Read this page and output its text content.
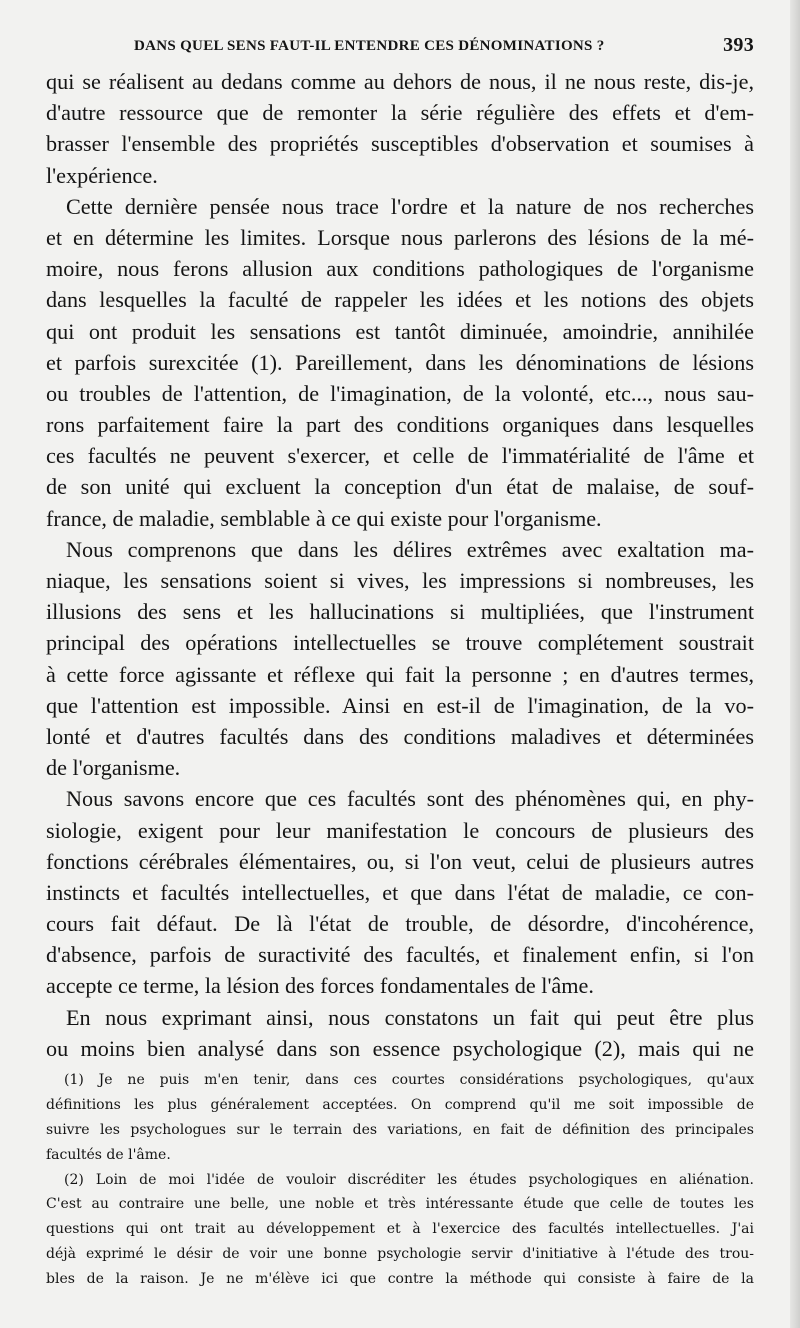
DANS QUEL SENS FAUT-IL ENTENDRE CES DÉNOMINATIONS ?	393
qui se réalisent au dedans comme au dehors de nous, il ne nous reste, dis-je,
d'autre ressource que de remonter la série régulière des effets et d'em-
brasser l'ensemble des propriétés susceptibles d'observation et soumises à
l'expérience.
Cette dernière pensée nous trace l'ordre et la nature de nos recherches
et en détermine les limites. Lorsque nous parlerons des lésions de la mé-
moire, nous ferons allusion aux conditions pathologiques de l'organisme
dans lesquelles la faculté de rappeler les idées et les notions des objets
qui ont produit les sensations est tantôt diminuée, amoindrie, annihilée
et parfois surexcitée (1). Pareillement, dans les dénominations de lésions
ou troubles de l'attention, de l'imagination, de la volonté, etc..., nous sau-
rons parfaitement faire la part des conditions organiques dans lesquelles
ces facultés ne peuvent s'exercer, et celle de l'immatérialité de l'âme et
de son unité qui excluent la conception d'un état de malaise, de souf-
france, de maladie, semblable à ce qui existe pour l'organisme.
Nous comprenons que dans les délires extrêmes avec exaltation ma-
niaque, les sensations soient si vives, les impressions si nombreuses, les
illusions des sens et les hallucinations si multipliées, que l'instrument
principal des opérations intellectuelles se trouve complétement soustrait
à cette force agissante et réflexe qui fait la personne ; en d'autres termes,
que l'attention est impossible. Ainsi en est-il de l'imagination, de la vo-
lonté et d'autres facultés dans des conditions maladives et déterminées
de l'organisme.
Nous savons encore que ces facultés sont des phénomènes qui, en phy-
siologie, exigent pour leur manifestation le concours de plusieurs des
fonctions cérébrales élémentaires, ou, si l'on veut, celui de plusieurs autres
instincts et facultés intellectuelles, et que dans l'état de maladie, ce con-
cours fait défaut. De là l'état de trouble, de désordre, d'incohérence,
d'absence, parfois de suractivité des facultés, et finalement enfin, si l'on
accepte ce terme, la lésion des forces fondamentales de l'âme.
En nous exprimant ainsi, nous constatons un fait qui peut être plus
ou moins bien analysé dans son essence psychologique (2), mais qui ne
(1) Je ne puis m'en tenir, dans ces courtes considérations psychologiques, qu'aux
définitions les plus généralement acceptées. On comprend qu'il me soit impossible de
suivre les psychologues sur le terrain des variations, en fait de définition des principales
facultés de l'âme.
(2) Loin de moi l'idée de vouloir discréditer les études psychologiques en aliénation.
C'est au contraire une belle, une noble et très intéressante étude que celle de toutes les
questions qui ont trait au développement et à l'exercice des facultés intellectuelles. J'ai
déjà exprimé le désir de voir une bonne psychologie servir d'initiative à l'étude des trou-
bles de la raison. Je ne m'élève ici que contre la méthode qui consiste à faire de la
